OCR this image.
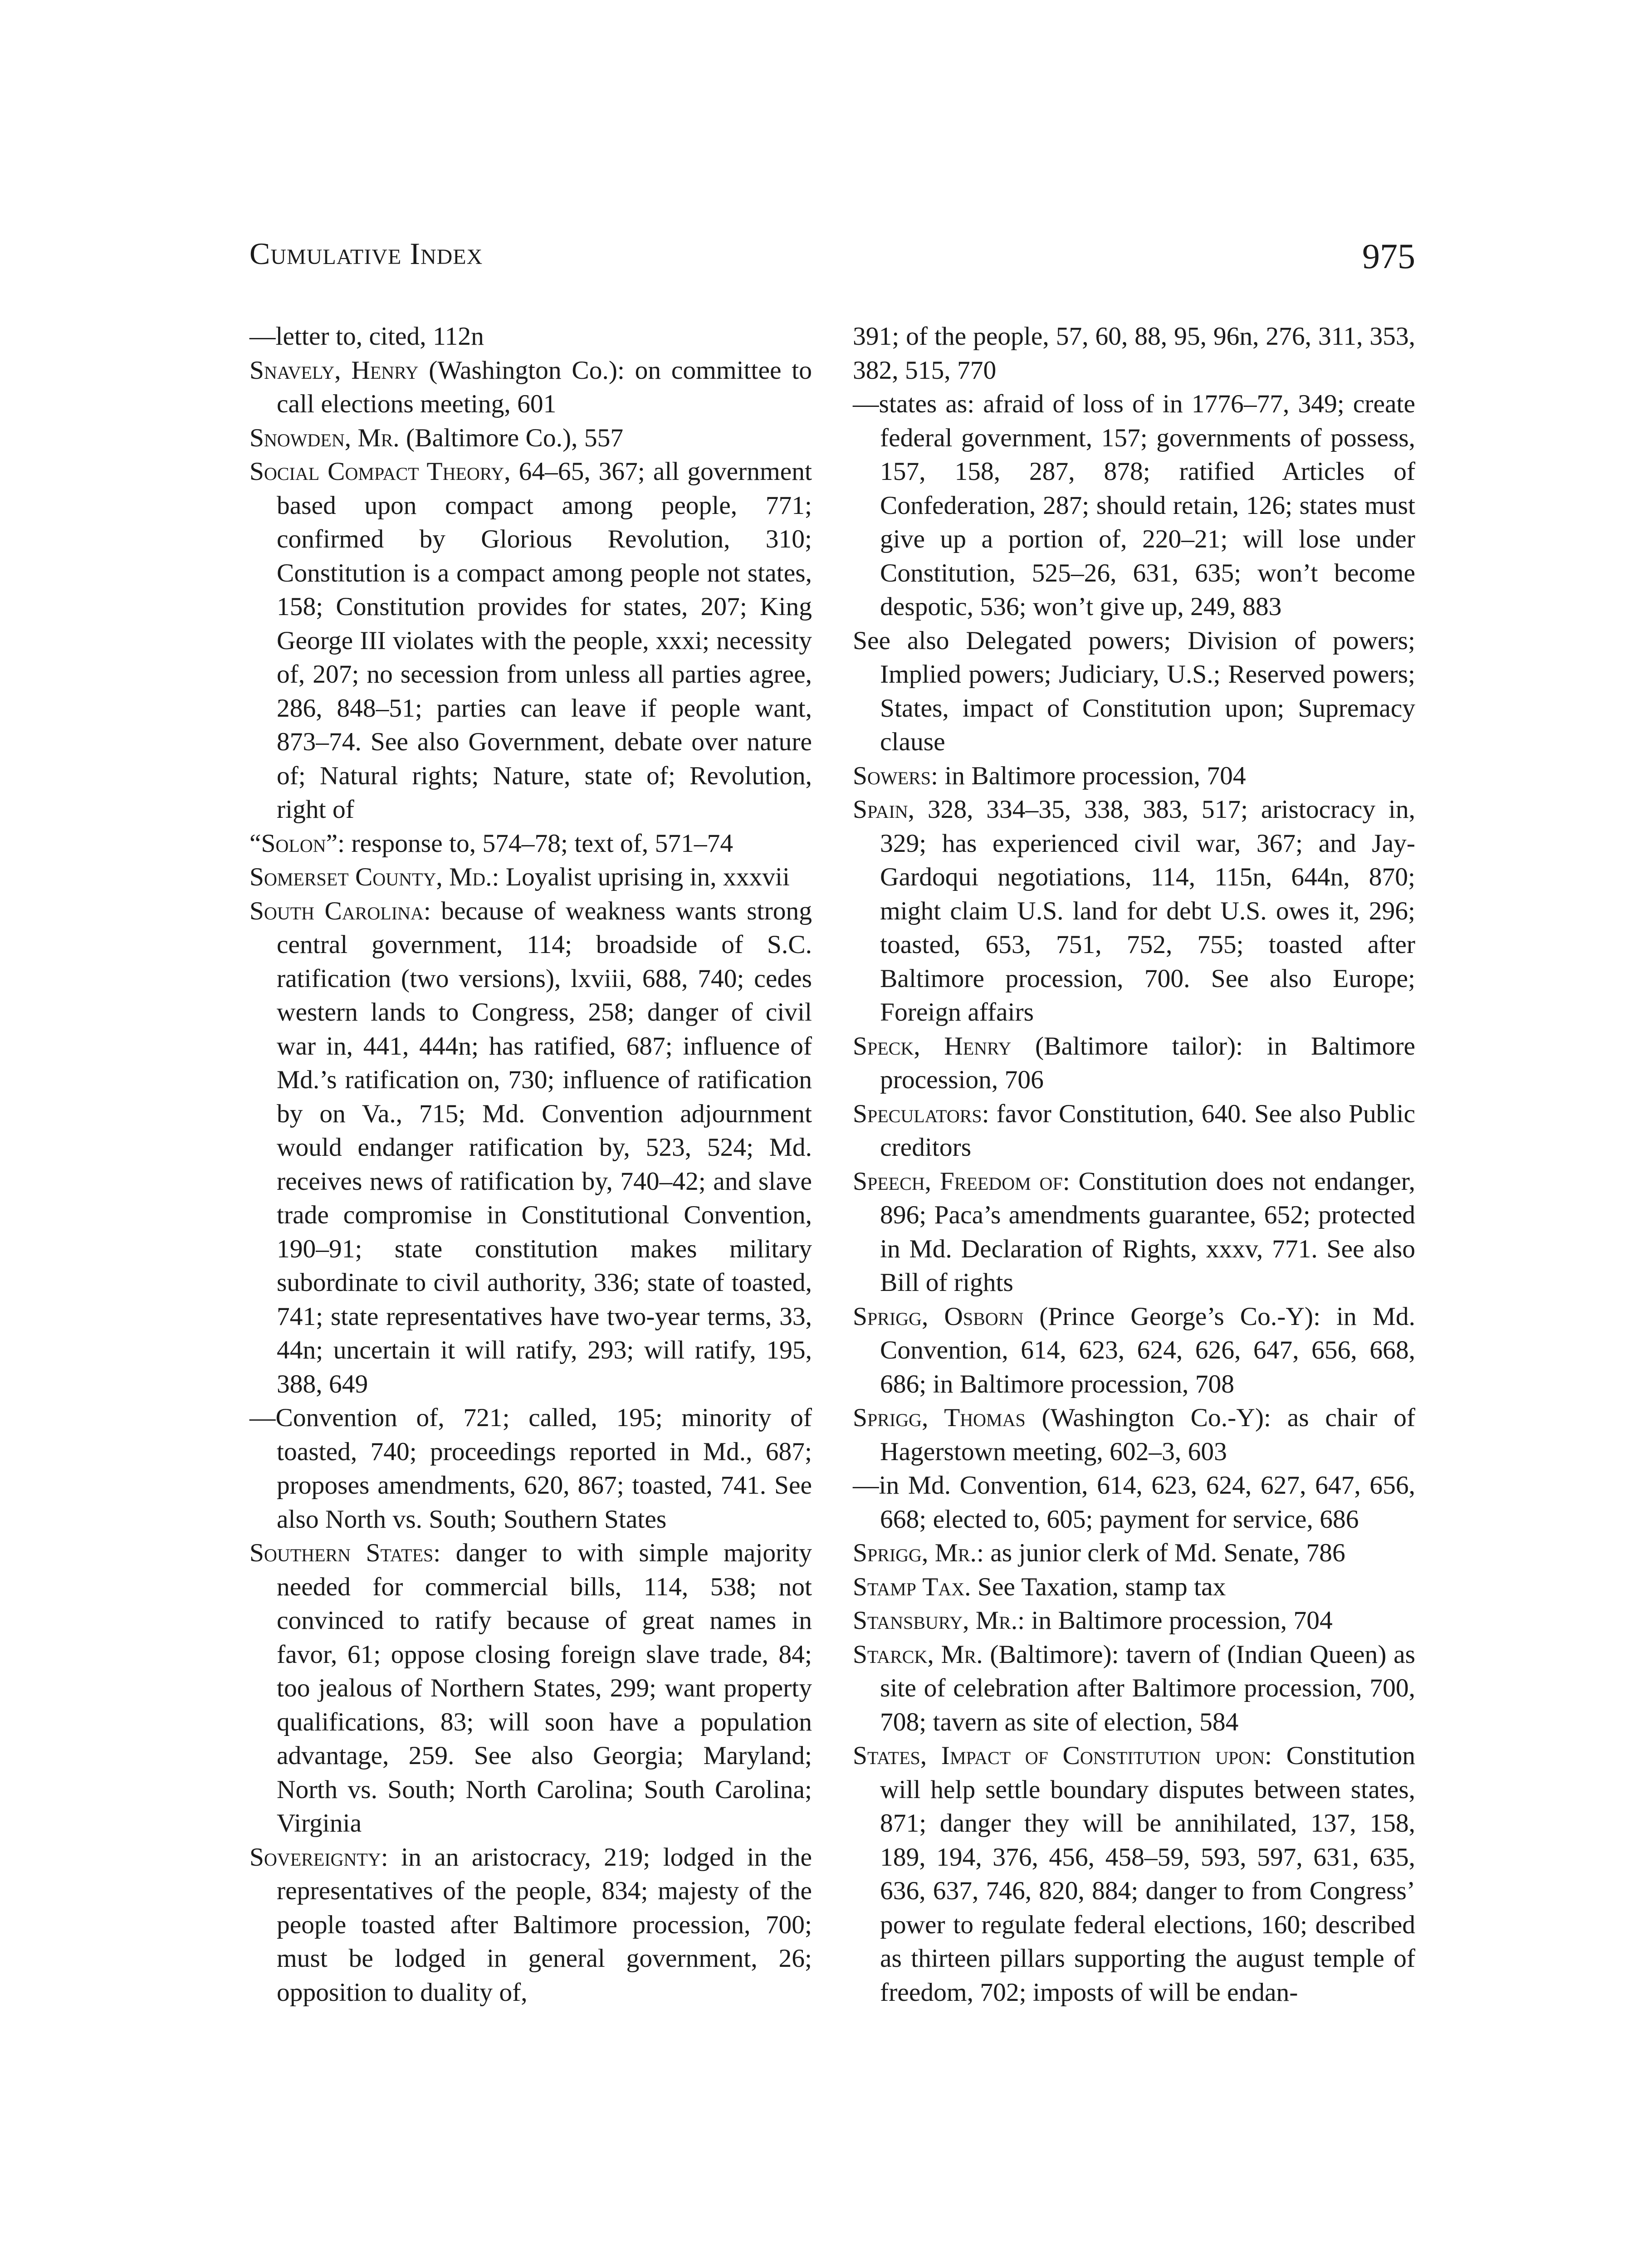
Cumulative Index	975

—letter to, cited, 112n

Snavely, Henry (Washington Co.): on committee to call elections meeting, 601

Snowden, Mr. (Baltimore Co.), 557

Social Compact Theory, 64–65, 367; all government based upon compact among people, 771; confirmed by Glorious Revolution, 310; Constitution is a compact among people not states, 158; Constitution provides for states, 207; King George III violates with the people, xxxi; necessity of, 207; no secession from unless all parties agree, 286, 848–51; parties can leave if people want, 873–74. See also Government, debate over nature of; Natural rights; Nature, state of; Revolution, right of

“Solon”: response to, 574–78; text of, 571–74

Somerset County, Md.: Loyalist uprising in, xxxvii

South Carolina: because of weakness wants strong central government, 114; broadside of S.C. ratification (two versions), lxviii, 688, 740; cedes western lands to Congress, 258; danger of civil war in, 441, 444n; has ratified, 687; influence of Md.’s ratification on, 730; influence of ratification by on Va., 715; Md. Convention adjournment would endanger ratification by, 523, 524; Md. receives news of ratification by, 740–42; and slave trade compromise in Constitutional Convention, 190–91; state constitution makes military subordinate to civil authority, 336; state of toasted, 741; state representatives have two-year terms, 33, 44n; uncertain it will ratify, 293; will ratify, 195, 388, 649

—Convention of, 721; called, 195; minority of toasted, 740; proceedings reported in Md., 687; proposes amendments, 620, 867; toasted, 741. See also North vs. South; Southern States

Southern States: danger to with simple majority needed for commercial bills, 114, 538; not convinced to ratify because of great names in favor, 61; oppose closing foreign slave trade, 84; too jealous of Northern States, 299; want property qualifications, 83; will soon have a population advantage, 259. See also Georgia; Maryland; North vs. South; North Carolina; South Carolina; Virginia

Sovereignty: in an aristocracy, 219; lodged in the representatives of the people, 834; majesty of the people toasted after Baltimore procession, 700; must be lodged in general government, 26; opposition to duality of,

391; of the people, 57, 60, 88, 95, 96n, 276, 311, 353, 382, 515, 770

—states as: afraid of loss of in 1776–77, 349; create federal government, 157; governments of possess, 157, 158, 287, 878; ratified Articles of Confederation, 287; should retain, 126; states must give up a portion of, 220–21; will lose under Constitution, 525–26, 631, 635; won’t become despotic, 536; won’t give up, 249, 883

See also Delegated powers; Division of powers; Implied powers; Judiciary, U.S.; Reserved powers; States, impact of Constitution upon; Supremacy clause

Sowers: in Baltimore procession, 704

Spain, 328, 334–35, 338, 383, 517; aristocracy in, 329; has experienced civil war, 367; and Jay-Gardoqui negotiations, 114, 115n, 644n, 870; might claim U.S. land for debt U.S. owes it, 296; toasted, 653, 751, 752, 755; toasted after Baltimore procession, 700. See also Europe; Foreign affairs

Speck, Henry (Baltimore tailor): in Baltimore procession, 706

Speculators: favor Constitution, 640. See also Public creditors

Speech, Freedom of: Constitution does not endanger, 896; Paca’s amendments guarantee, 652; protected in Md. Declaration of Rights, xxxv, 771. See also Bill of rights

Sprigg, Osborn (Prince George’s Co.-Y): in Md. Convention, 614, 623, 624, 626, 647, 656, 668, 686; in Baltimore procession, 708

Sprigg, Thomas (Washington Co.-Y): as chair of Hagerstown meeting, 602–3, 603

—in Md. Convention, 614, 623, 624, 627, 647, 656, 668; elected to, 605; payment for service, 686

Sprigg, Mr.: as junior clerk of Md. Senate, 786

Stamp Tax. See Taxation, stamp tax

Stansbury, Mr.: in Baltimore procession, 704

Starck, Mr. (Baltimore): tavern of (Indian Queen) as site of celebration after Baltimore procession, 700, 708; tavern as site of election, 584

States, Impact of Constitution upon: Constitution will help settle boundary disputes between states, 871; danger they will be annihilated, 137, 158, 189, 194, 376, 456, 458–59, 593, 597, 631, 635, 636, 637, 746, 820, 884; danger to from Congress’ power to regulate federal elections, 160; described as thirteen pillars supporting the august temple of freedom, 702; imposts of will be endan-
